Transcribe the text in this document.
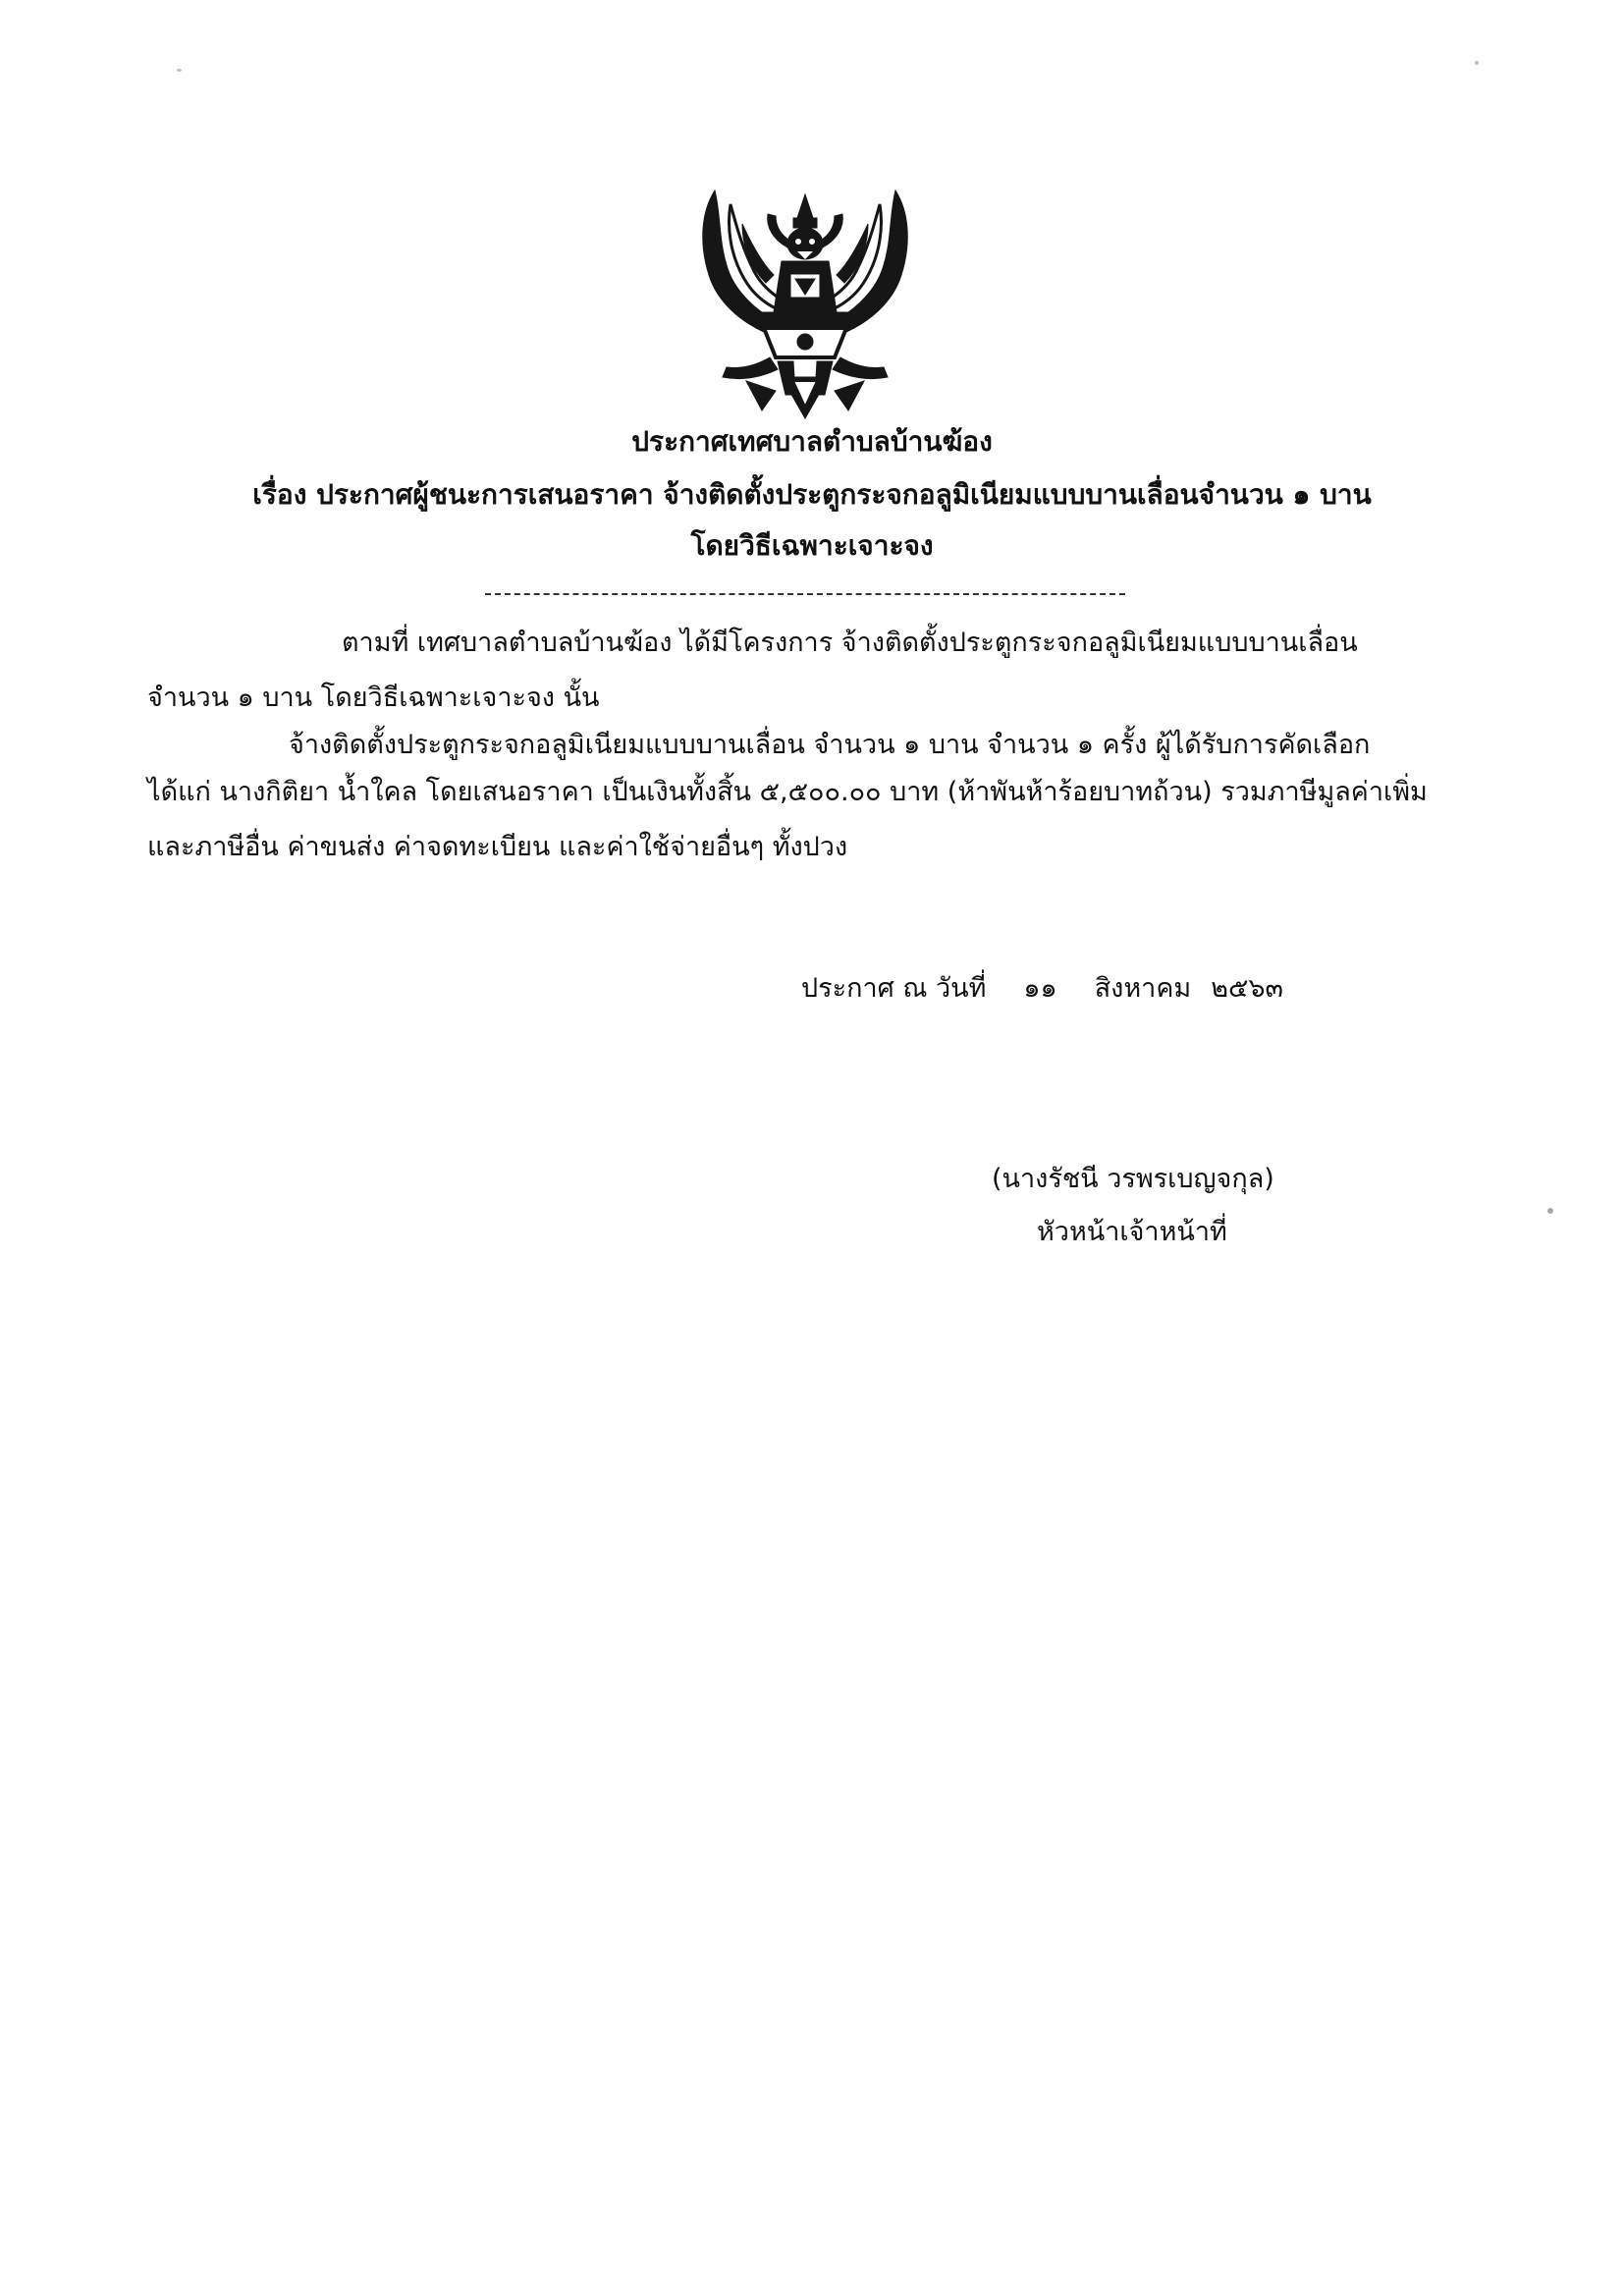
ประกาศเทศบาลตำบลบ้านฆ้อง
เรื่อง ประกาศผู้ชนะการเสนอราคา จ้างติดตั้งประตูกระจกอลูมิเนียมแบบบานเลื่อนจำนวน ๑ บาน
โดยวิธีเฉพาะเจาะจง
ตามที่ เทศบาลตำบลบ้านฆ้อง ได้มีโครงการ จ้างติดตั้งประตูกระจกอลูมิเนียมแบบบานเลื่อน
จำนวน ๑ บาน โดยวิธีเฉพาะเจาะจง นั้น
จ้างติดตั้งประตูกระจกอลูมิเนียมแบบบานเลื่อน จำนวน ๑ บาน จำนวน ๑ ครั้ง ผู้ได้รับการคัดเลือก
ได้แก่ นางกิติยา น้ำใคล โดยเสนอราคา เป็นเงินทั้งสิ้น ๕,๕๐๐.๐๐ บาท (ห้าพันห้าร้อยบาทถ้วน) รวมภาษีมูลค่าเพิ่ม
และภาษีอื่น ค่าขนส่ง ค่าจดทะเบียน และค่าใช้จ่ายอื่นๆ ทั้งปวง
ประกาศ ณ วันที่ ๑๑ สิงหาคม ๒๕๖๓
(นางรัชนี วรพรเบญจกุล)
หัวหน้าเจ้าหน้าที่
